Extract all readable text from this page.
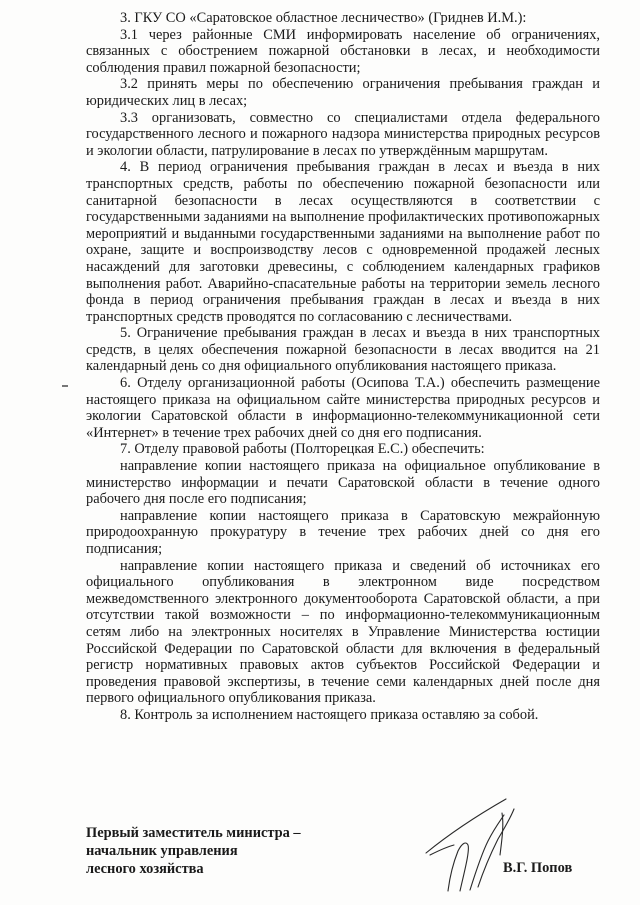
3. ГКУ СО «Саратовское областное лесничество» (Гриднев И.М.):

3.1 через районные СМИ информировать население об ограничениях, связанных с обострением пожарной обстановки в лесах, и необходимости соблюдения правил пожарной безопасности;

3.2 принять меры по обеспечению ограничения пребывания граждан и юридических лиц в лесах;

3.3 организовать, совместно со специалистами отдела федерального государственного лесного и пожарного надзора министерства природных ресурсов и экологии области, патрулирование в лесах по утверждённым маршрутам.

4. В период ограничения пребывания граждан в лесах и въезда в них транспортных средств, работы по обеспечению пожарной безопасности или санитарной безопасности в лесах осуществляются в соответствии с государственными заданиями на выполнение профилактических противопожарных мероприятий и выданными государственными заданиями на выполнение работ по охране, защите и воспроизводству лесов с одновременной продажей лесных насаждений для заготовки древесины, с соблюдением календарных графиков выполнения работ. Аварийно-спасательные работы на территории земель лесного фонда в период ограничения пребывания граждан в лесах и въезда в них транспортных средств проводятся по согласованию с лесничествами.

5. Ограничение пребывания граждан в лесах и въезда в них транспортных средств, в целях обеспечения пожарной безопасности в лесах вводится на 21 календарный день со дня официального опубликования настоящего приказа.

6. Отделу организационной работы (Осипова Т.А.) обеспечить размещение настоящего приказа на официальном сайте министерства природных ресурсов и экологии Саратовской области в информационно-телекоммуникационной сети «Интернет» в течение трех рабочих дней со дня его подписания.

7. Отделу правовой работы (Полторецкая Е.С.) обеспечить:

направление копии настоящего приказа на официальное опубликование в министерство информации и печати Саратовской области в течение одного рабочего дня после его подписания;

направление копии настоящего приказа в Саратовскую межрайонную природоохранную прокуратуру в течение трех рабочих дней со дня его подписания;

направление копии настоящего приказа и сведений об источниках его официального опубликования в электронном виде посредством межведомственного электронного документооборота Саратовской области, а при отсутствии такой возможности – по информационно-телекоммуникационным сетям либо на электронных носителях в Управление Министерства юстиции Российской Федерации по Саратовской области для включения в федеральный регистр нормативных правовых актов субъектов Российской Федерации и проведения правовой экспертизы, в течение семи календарных дней после дня первого официального опубликования приказа.

8. Контроль за исполнением настоящего приказа оставляю за собой.

Первый заместитель министра –
начальник управления
лесного хозяйства	В.Г. Попов
